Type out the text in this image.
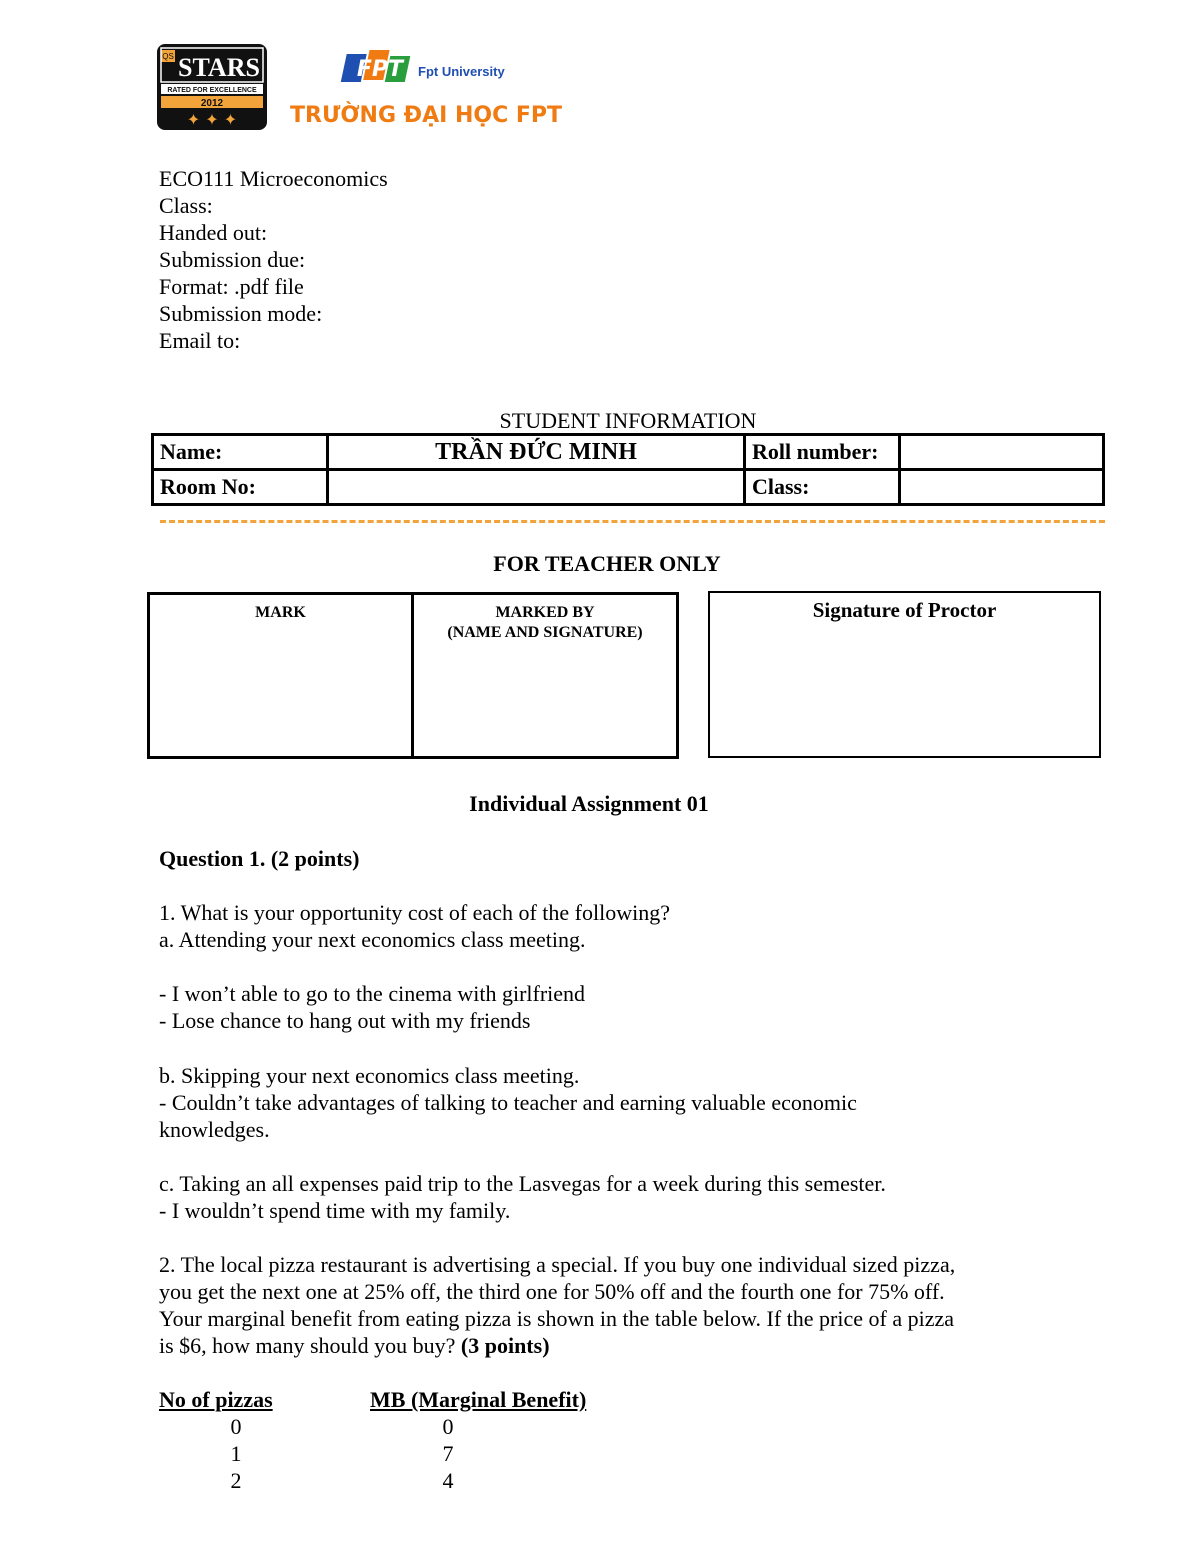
QS STARS
RATED FOR EXCELLENCE
2012
✦ ✦ ✦
FPT Fpt University
TRƯỜNG ĐẠI HỌC FPT
ECO111 Microeconomics
Class:
Handed out:
Submission due:
Format: .pdf file
Submission mode:
Email to:
STUDENT INFORMATION
Name:	TRẦN ĐỨC MINH	Roll number:	
Room No:		Class:	
FOR TEACHER ONLY
MARK	MARKED BY
(NAME AND SIGNATURE)
Signature of Proctor
Individual Assignment 01
Question 1. (2 points)
1. What is your opportunity cost of each of the following?
a. Attending your next economics class meeting.
- I won’t able to go to the cinema with girlfriend
- Lose chance to hang out with my friends
b. Skipping your next economics class meeting.
- Couldn’t take advantages of talking to teacher and earning valuable economic
knowledges.
c. Taking an all expenses paid trip to the Lasvegas for a week during this semester.
- I wouldn’t spend time with my family.
2. The local pizza restaurant is advertising a special. If you buy one individual sized pizza,
you get the next one at 25% off, the third one for 50% off and the fourth one for 75% off.
Your marginal benefit from eating pizza is shown in the table below. If the price of a pizza
is $6, how many should you buy? (3 points)
No of pizzas	MB (Marginal Benefit)
0	0
1	7
2	4
